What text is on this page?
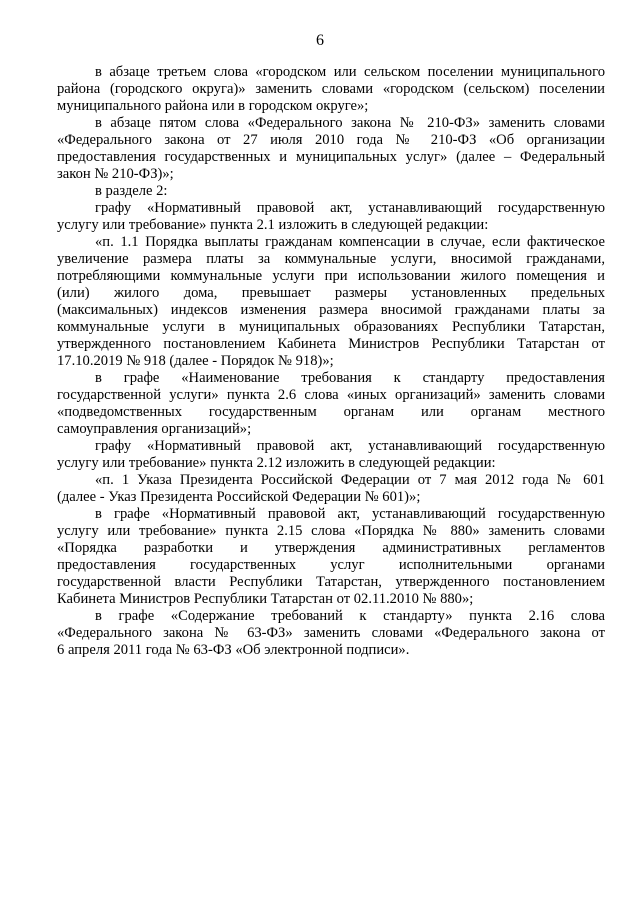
6
в абзаце третьем слова «городском или сельском поселении муниципального
района (городского округа)» заменить словами «городском (сельском) поселении
муниципального района или в городском округе»;
в абзаце пятом слова «Федерального закона № 210-ФЗ» заменить словами
«Федерального закона от 27 июля 2010 года № 210-ФЗ «Об организации
предоставления государственных и муниципальных услуг» (далее – Федеральный
закон № 210-ФЗ)»;
в разделе 2:
графу «Нормативный правовой акт, устанавливающий государственную
услугу или требование» пункта 2.1 изложить в следующей редакции:
«п. 1.1 Порядка выплаты гражданам компенсации в случае, если фактическое
увеличение размера платы за коммунальные услуги, вносимой гражданами,
потребляющими коммунальные услуги при использовании жилого помещения и
(или) жилого дома, превышает размеры установленных предельных
(максимальных) индексов изменения размера вносимой гражданами платы за
коммунальные услуги в муниципальных образованиях Республики Татарстан,
утвержденного постановлением Кабинета Министров Республики Татарстан от
17.10.2019 № 918 (далее - Порядок № 918)»;
в графе «Наименование требования к стандарту предоставления
государственной услуги» пункта 2.6 слова «иных организаций» заменить словами
«подведомственных государственным органам или органам местного
самоуправления организаций»;
графу «Нормативный правовой акт, устанавливающий государственную
услугу или требование» пункта 2.12 изложить в следующей редакции:
«п. 1 Указа Президента Российской Федерации от 7 мая 2012 года № 601
(далее - Указ Президента Российской Федерации № 601)»;
в графе «Нормативный правовой акт, устанавливающий государственную
услугу или требование» пункта 2.15 слова «Порядка № 880» заменить словами
«Порядка разработки и утверждения административных регламентов
предоставления государственных услуг исполнительными органами
государственной власти Республики Татарстан, утвержденного постановлением
Кабинета Министров Республики Татарстан от 02.11.2010 № 880»;
в графе «Содержание требований к стандарту» пункта 2.16 слова
«Федерального закона № 63-ФЗ» заменить словами «Федерального закона от
6 апреля 2011 года № 63-ФЗ «Об электронной подписи».
